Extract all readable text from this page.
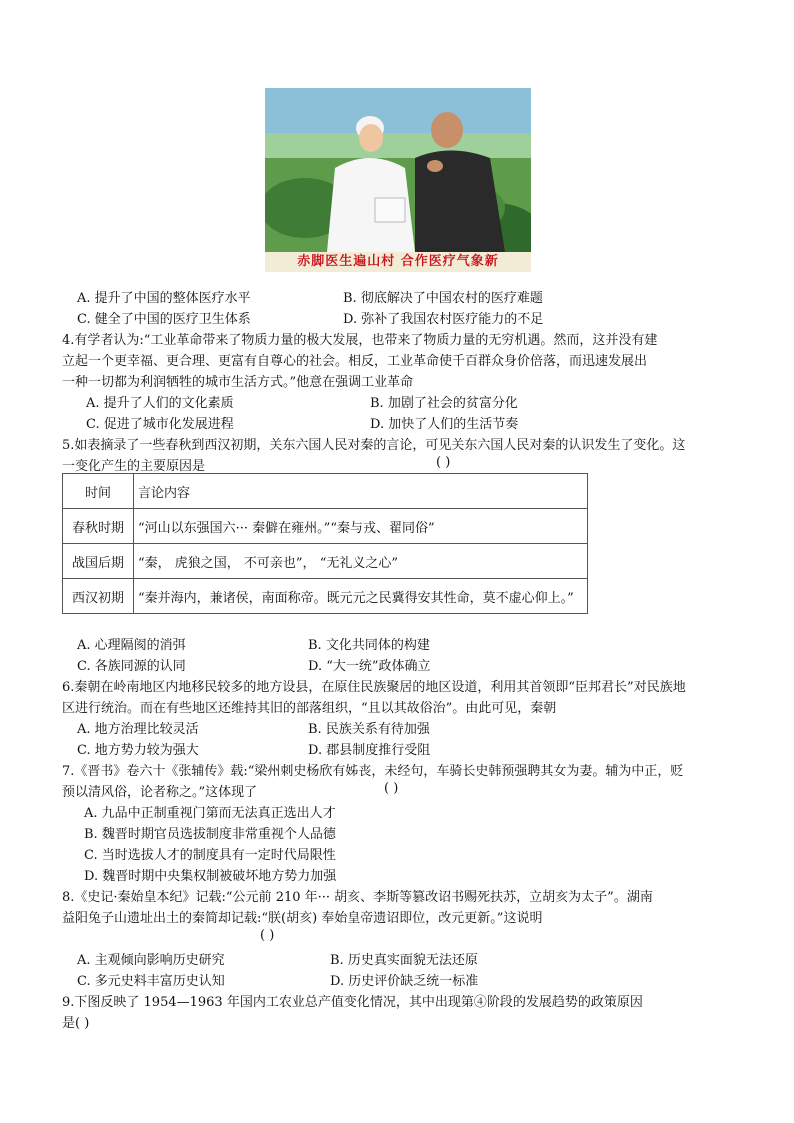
赤脚医生遍山村 合作医疗气象新
A. 提升了中国的整体医疗水平	B. 彻底解决了中国农村的医疗难题
C. 健全了中国的医疗卫生体系	D. 弥补了我国农村医疗能力的不足
4.有学者认为:“工业革命带来了物质力量的极大发展，也带来了物质力量的无穷机遇。然而，这并没有建
立起一个更幸福、更合理、更富有自尊心的社会。相反，工业革命使千百群众身价倍落，而迅速发展出
一种一切都为利润牺牲的城市生活方式。”他意在强调工业革命
A. 提升了人们的文化素质	B. 加剧了社会的贫富分化
C. 促进了城市化发展进程	D. 加快了人们的生活节奏
5.如表摘录了一些春秋到西汉初期，关东六国人民对秦的言论，可见关东六国人民对秦的认识发生了变化。这
一变化产生的主要原因是	( )
时间	言论内容
春秋时期	“河山以东强国六··· 秦僻在雍州。”“秦与戎、翟同俗”
战国后期	“秦， 虎狼之国， 不可亲也”， “无礼义之心”
西汉初期	“秦并海内，兼诸侯，南面称帝。既元元之民冀得安其性命，莫不虚心仰上。”
A. 心理隔阂的消弭	B. 文化共同体的构建
C. 各族同源的认同	D. “大一统”政体确立
6.秦朝在岭南地区内地移民较多的地方设县，在原住民族聚居的地区设道，利用其首领即“臣邦君长”对民族地
区进行统治。而在有些地区还维持其旧的部落组织，“且以其故俗治”。由此可见，秦朝
A. 地方治理比较灵活	B. 民族关系有待加强
C. 地方势力较为强大	D. 郡县制度推行受阻
7.《晋书》卷六十《张辅传》载:“梁州刺史杨欣有姊丧，未经句，车骑长史韩预强聘其女为妻。辅为中正，贬
预以清风俗，论者称之。”这体现了	( )
A. 九品中正制重视门第而无法真正选出人才
B. 魏晋时期官员选拔制度非常重视个人品德
C. 当时选拔人才的制度具有一定时代局限性
D. 魏晋时期中央集权制被破坏地方势力加强
8.《史记·秦始皇本纪》记载:“公元前 210 年··· 胡亥、李斯等篡改诏书赐死扶苏，立胡亥为太子”。湖南
益阳兔子山遗址出土的秦简却记载:“朕(胡亥) 奉始皇帝遗诏即位，改元更新。”这说明
( )
A. 主观倾向影响历史研究	B. 历史真实面貌无法还原
C. 多元史料丰富历史认知	D. 历史评价缺乏统一标准
9.下图反映了 1954—1963 年国内工农业总产值变化情况，其中出现第④阶段的发展趋势的政策原因
是( )
